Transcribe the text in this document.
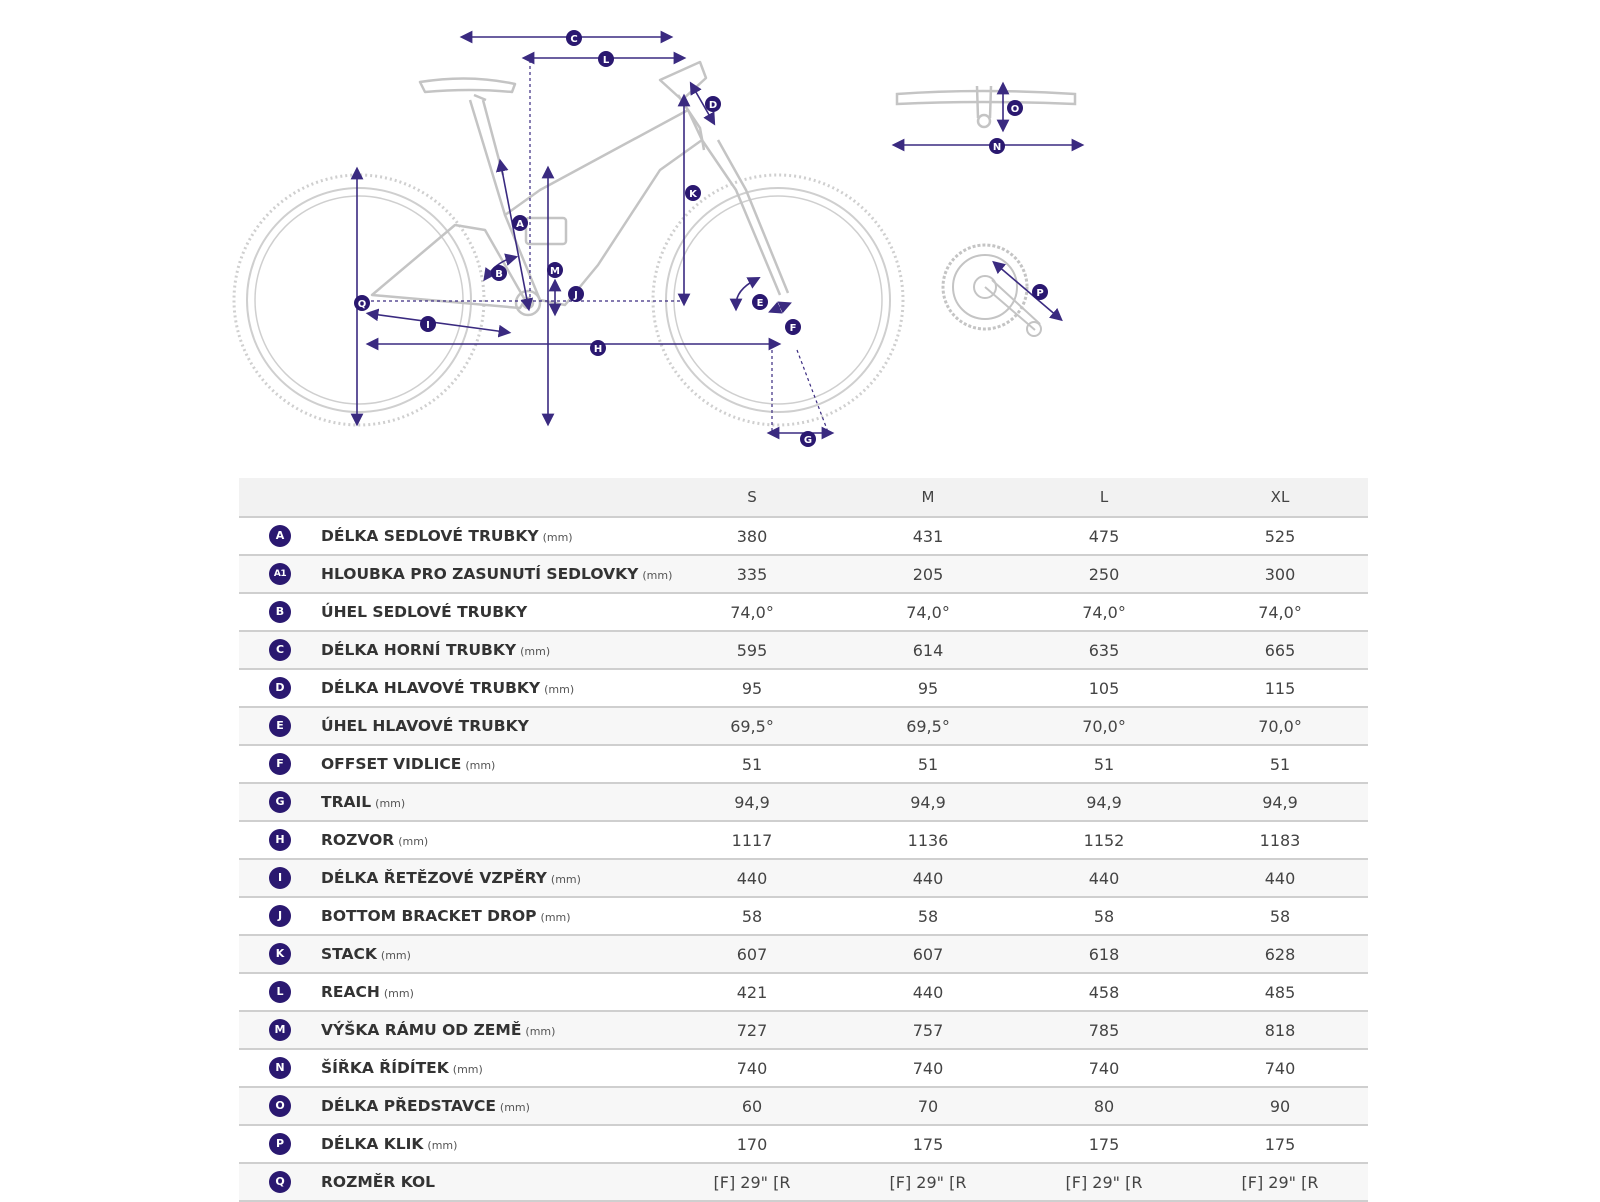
C
L
D	O
N
K
A
B	M
J
Q
I
H
E
F
P
G
		S	M	L	XL
A	DÉLKA SEDLOVÉ TRUBKY (mm)	380	431	475	525
A1	HLOUBKA PRO ZASUNUTÍ SEDLOVKY (mm)	335	205	250	300
B	ÚHEL SEDLOVÉ TRUBKY	74,0°	74,0°	74,0°	74,0°
C	DÉLKA HORNÍ TRUBKY (mm)	595	614	635	665
D	DÉLKA HLAVOVÉ TRUBKY (mm)	95	95	105	115
E	ÚHEL HLAVOVÉ TRUBKY	69,5°	69,5°	70,0°	70,0°
F	OFFSET VIDLICE (mm)	51	51	51	51
G	TRAIL (mm)	94,9	94,9	94,9	94,9
H	ROZVOR (mm)	1117	1136	1152	1183
I	DÉLKA ŘETĚZOVÉ VZPĚRY (mm)	440	440	440	440
J	BOTTOM BRACKET DROP (mm)	58	58	58	58
K	STACK (mm)	607	607	618	628
L	REACH (mm)	421	440	458	485
M	VÝŠKA RÁMU OD ZEMĚ (mm)	727	757	785	818
N	ŠÍŘKA ŘÍDÍTEK (mm)	740	740	740	740
O	DÉLKA PŘEDSTAVCE (mm)	60	70	80	90
P	DÉLKA KLIK (mm)	170	175	175	175
Q	ROZMĚR KOL	[F] 29" [R	[F] 29" [R	[F] 29" [R	[F] 29" [R
